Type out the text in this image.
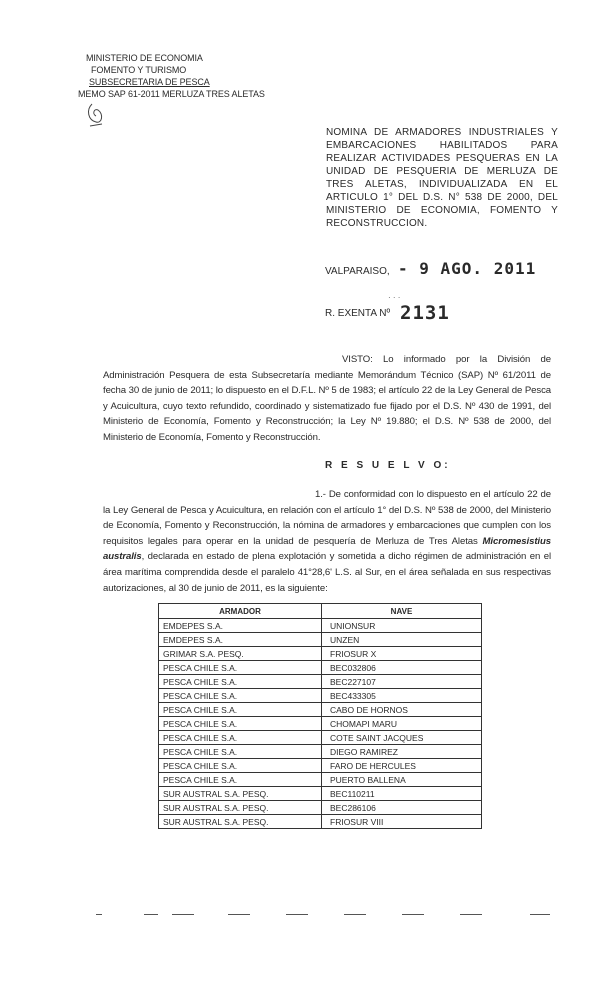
MINISTERIO DE ECONOMIA
FOMENTO Y TURISMO
SUBSECRETARIA DE PESCA
MEMO SAP 61-2011 MERLUZA TRES ALETAS
NOMINA DE ARMADORES INDUSTRIALES Y EMBARCACIONES HABILITADOS PARA REALIZAR ACTIVIDADES PESQUERAS EN LA UNIDAD DE PESQUERIA DE MERLUZA DE TRES ALETAS, INDIVIDUALIZADA EN EL ARTICULO 1° DEL D.S. N° 538 DE 2000, DEL MINISTERIO DE ECONOMIA, FOMENTO Y RECONSTRUCCION.
VALPARAISO, - 9 AGO. 2011
R. EXENTA Nº
· · ·
2131
VISTO: Lo informado por la División de Administración Pesquera de esta Subsecretaría mediante Memorándum Técnico (SAP) Nº 61/2011 de fecha 30 de junio de 2011; lo dispuesto en el D.F.L. Nº 5 de 1983; el artículo 22 de la Ley General de Pesca y Acuicultura, cuyo texto refundido, coordinado y sistematizado fue fijado por el D.S. Nº 430 de 1991, del Ministerio de Economía, Fomento y Reconstrucción; la Ley Nº 19.880; el D.S. Nº 538 de 2000, del Ministerio de Economía, Fomento y Reconstrucción.
R E S U E L V O:
1.- De conformidad con lo dispuesto en el artículo 22 de la Ley General de Pesca y Acuicultura, en relación con el artículo 1° del D.S. Nº 538 de 2000, del Ministerio de Economía, Fomento y Reconstrucción, la nómina de armadores y embarcaciones que cumplen con los requisitos legales para operar en la unidad de pesquería de Merluza de Tres Aletas Micromesistius australis, declarada en estado de plena explotación y sometida a dicho régimen de administración en el área marítima comprendida desde el paralelo 41°28,6' L.S. al Sur, en el área señalada en sus respectivas autorizaciones, al 30 de junio de 2011, es la siguiente:
ARMADOR	NAVE
EMDEPES S.A.	UNIONSUR
EMDEPES S.A.	UNZEN
GRIMAR S.A. PESQ.	FRIOSUR X
PESCA CHILE S.A.	BEC032806
PESCA CHILE S.A.	BEC227107
PESCA CHILE S.A.	BEC433305
PESCA CHILE S.A.	CABO DE HORNOS
PESCA CHILE S.A.	CHOMAPI MARU
PESCA CHILE S.A.	COTE SAINT JACQUES
PESCA CHILE S.A.	DIEGO RAMIREZ
PESCA CHILE S.A.	FARO DE HERCULES
PESCA CHILE S.A.	PUERTO BALLENA
SUR AUSTRAL S.A. PESQ.	BEC110211
SUR AUSTRAL S.A. PESQ.	BEC286106
SUR AUSTRAL S.A. PESQ.	FRIOSUR VIII
